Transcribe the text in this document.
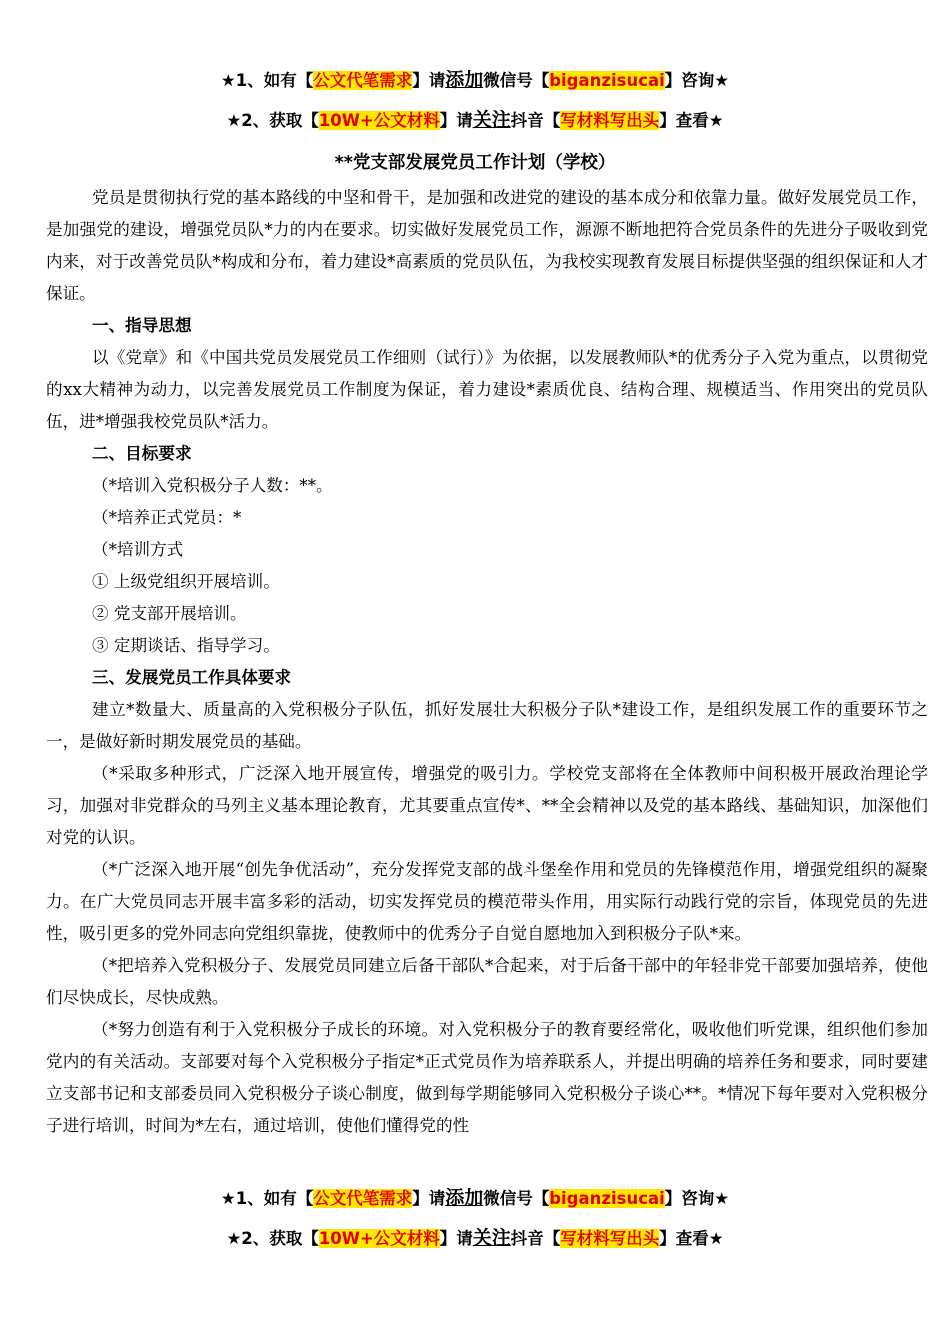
★1、如有【公文代笔需求】请添加微信号【biganzisucai】咨询★
★2、获取【10W+公文材料】请关注抖音【写材料写出头】查看★
**党支部发展党员工作计划（学校）

党员是贯彻执行党的基本路线的中坚和骨干，是加强和改进党的建设的基本成分和依靠力量。做好发展党员工作，是加强党的建设，增强党员队*力的内在要求。切实做好发展党员工作，源源不断地把符合党员条件的先进分子吸收到党内来，对于改善党员队*构成和分布，着力建设*高素质的党员队伍，为我校实现教育发展目标提供坚强的组织保证和人才保证。

一、指导思想

以《党章》和《中国共党员发展党员工作细则（试行）》为依据，以发展教师队*的优秀分子入党为重点，以贯彻党的xx大精神为动力，以完善发展党员工作制度为保证，着力建设*素质优良、结构合理、规模适当、作用突出的党员队伍，进*增强我校党员队*活力。

二、目标要求

（*培训入党积极分子人数：**。

（*培养正式党员：*

（*培训方式

① 上级党组织开展培训。

② 党支部开展培训。

③ 定期谈话、指导学习。

三、发展党员工作具体要求

建立*数量大、质量高的入党积极分子队伍，抓好发展壮大积极分子队*建设工作，是组织发展工作的重要环节之一，是做好新时期发展党员的基础。

（*采取多种形式，广泛深入地开展宣传，增强党的吸引力。学校党支部将在全体教师中间积极开展政治理论学习，加强对非党群众的马列主义基本理论教育，尤其要重点宣传*、**全会精神以及党的基本路线、基础知识，加深他们对党的认识。

（*广泛深入地开展“创先争优活动”，充分发挥党支部的战斗堡垒作用和党员的先锋模范作用，增强党组织的凝聚力。在广大党员同志开展丰富多彩的活动，切实发挥党员的模范带头作用，用实际行动践行党的宗旨，体现党员的先进性，吸引更多的党外同志向党组织靠拢，使教师中的优秀分子自觉自愿地加入到积极分子队*来。

（*把培养入党积极分子、发展党员同建立后备干部队*合起来，对于后备干部中的年轻非党干部要加强培养，使他们尽快成长，尽快成熟。

（*努力创造有利于入党积极分子成长的环境。对入党积极分子的教育要经常化，吸收他们听党课，组织他们参加党内的有关活动。支部要对每个入党积极分子指定*正式党员作为培养联系人，并提出明确的培养任务和要求，同时要建立支部书记和支部委员同入党积极分子谈心制度，做到每学期能够同入党积极分子谈心**。*情况下每年要对入党积极分子进行培训，时间为*左右，通过培训，使他们懂得党的性

★1、如有【公文代笔需求】请添加微信号【biganzisucai】咨询★
★2、获取【10W+公文材料】请关注抖音【写材料写出头】查看★
